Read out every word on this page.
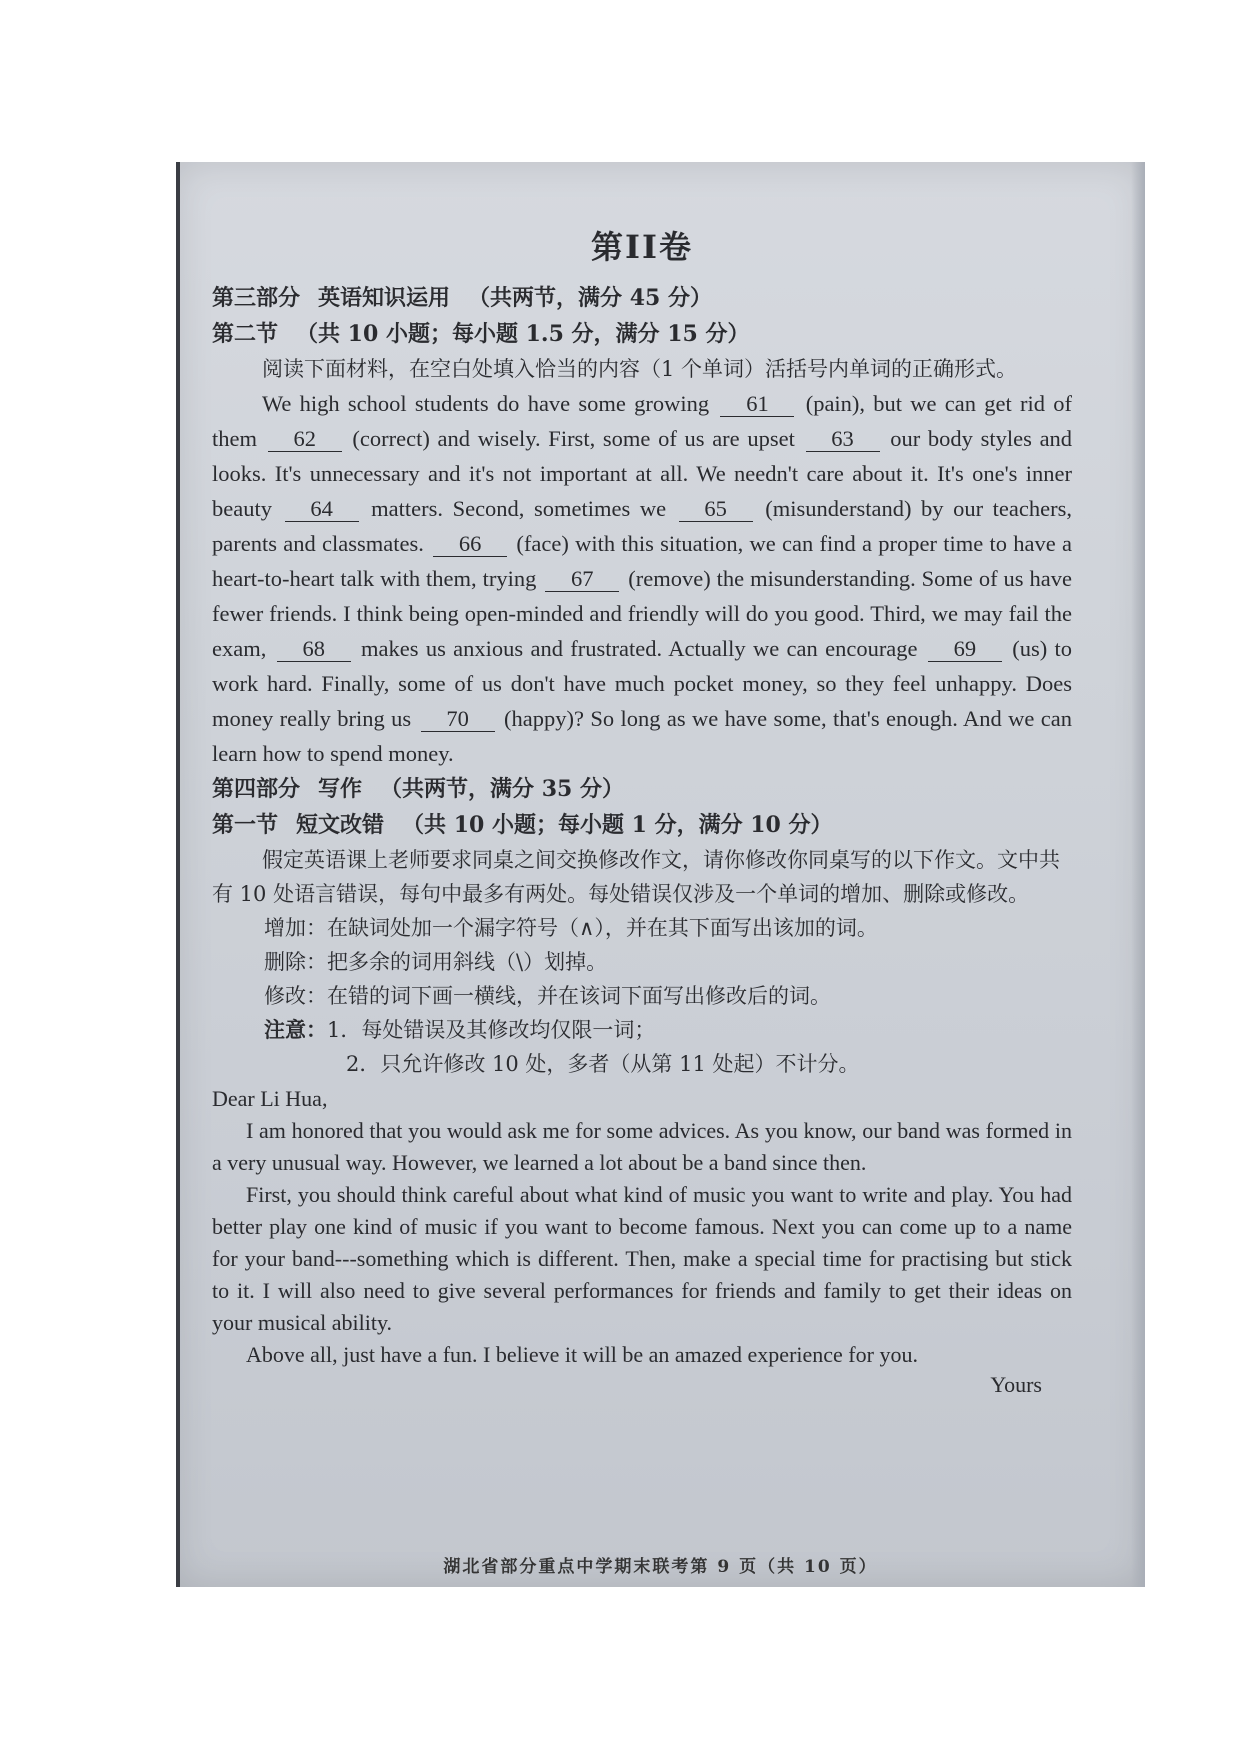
第II卷

第三部分 英语知识运用 （共两节，满分 45 分）

第二节 （共 10 小题；每小题 1.5 分，满分 15 分）

阅读下面材料，在空白处填入恰当的内容（1 个单词）活括号内单词的正确形式。

We high school students do have some growing 61 (pain), but we can get rid of them 62 (correct) and wisely. First, some of us are upset 63 our body styles and looks. It's unnecessary and it's not important at all. We needn't care about it. It's one's inner beauty 64 matters. Second, sometimes we 65 (misunderstand) by our teachers, parents and classmates. 66 (face) with this situation, we can find a proper time to have a heart-to-heart talk with them, trying 67 (remove) the misunderstanding. Some of us have fewer friends. I think being open-minded and friendly will do you good. Third, we may fail the exam, 68 makes us anxious and frustrated. Actually we can encourage 69 (us) to work hard. Finally, some of us don't have much pocket money, so they feel unhappy. Does money really bring us 70 (happy)? So long as we have some, that's enough. And we can learn how to spend money.

第四部分 写作 （共两节，满分 35 分）

第一节 短文改错 （共 10 小题；每小题 1 分，满分 10 分）

假定英语课上老师要求同桌之间交换修改作文，请你修改你同桌写的以下作文。文中共有 10 处语言错误，每句中最多有两处。每处错误仅涉及一个单词的增加、删除或修改。

增加：在缺词处加一个漏字符号（∧），并在其下面写出该加的词。

删除：把多余的词用斜线（\）划掉。

修改：在错的词下画一横线，并在该词下面写出修改后的词。

注意：1．每处错误及其修改均仅限一词；

2．只允许修改 10 处，多者（从第 11 处起）不计分。

Dear Li Hua,

I am honored that you would ask me for some advices. As you know, our band was formed in a very unusual way. However, we learned a lot about be a band since then.

First, you should think careful about what kind of music you want to write and play. You had better play one kind of music if you want to become famous. Next you can come up to a name for your band---something which is different. Then, make a special time for practising but stick to it. I will also need to give several performances for friends and family to get their ideas on your musical ability.

Above all, just have a fun. I believe it will be an amazed experience for you.

Yours

湖北省部分重点中学期末联考第 9 页（共 10 页）
